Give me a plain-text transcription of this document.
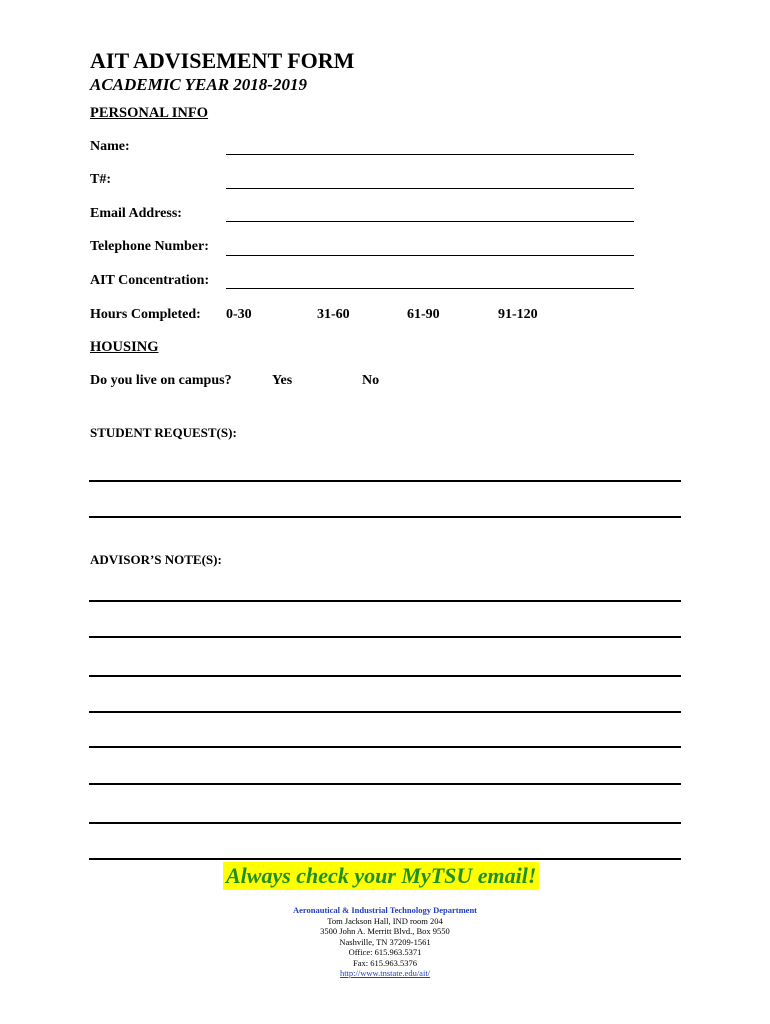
AIT ADVISEMENT FORM
ACADEMIC YEAR 2018-2019
PERSONAL INFO
Name:
T#:
Email Address:
Telephone Number:
AIT Concentration:
Hours Completed: 0-30	31-60	61-90	91-120
HOUSING
Do you live on campus?	Yes	No
STUDENT REQUEST(S):
ADVISOR’S NOTE(S):
Always check your MyTSU email!
Aeronautical & Industrial Technology Department
Tom Jackson Hall, IND room 204
3500 John A. Merritt Blvd., Box 9550
Nashville, TN 37209-1561
Office: 615.963.5371
Fax: 615.963.5376
http://www.tnstate.edu/ait/
